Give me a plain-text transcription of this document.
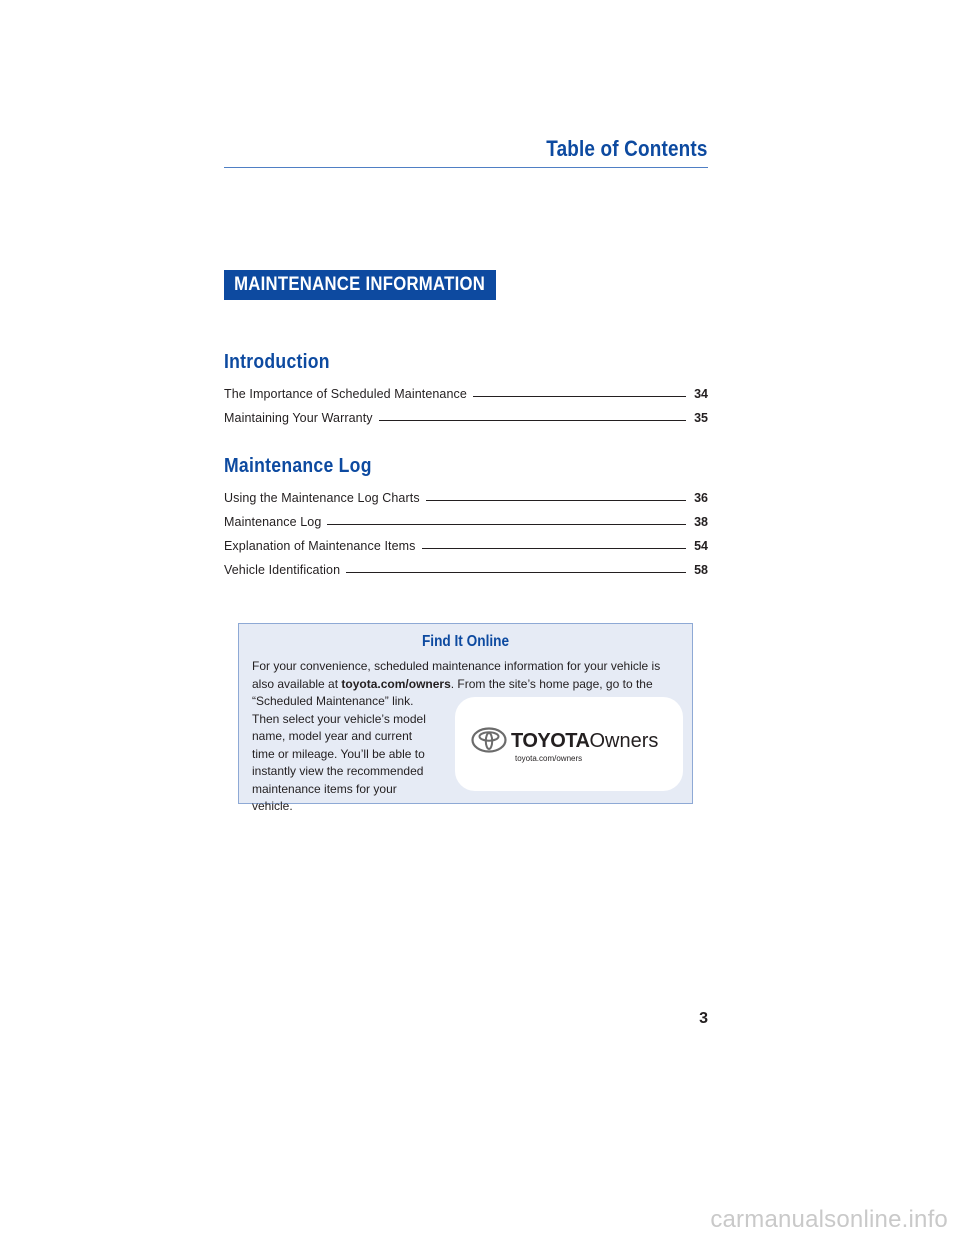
Table of Contents
MAINTENANCE INFORMATION
Introduction
The Importance of Scheduled Maintenance	34
Maintaining Your Warranty	35
Maintenance Log
Using the Maintenance Log Charts	36
Maintenance Log	38
Explanation of Maintenance Items	54
Vehicle Identification	58
Find It Online
For your convenience, scheduled maintenance information for your vehicle is also available at toyota.com/owners
. From the site’s home page, go to the “Scheduled Maintenance” link. Then select your vehicle’s model name, model year and current time or mileage. You’ll be able to instantly view the recommended maintenance items for your vehicle.
TOYOTAOwners
toyota.com/owners
3
carmanualsonline.info
